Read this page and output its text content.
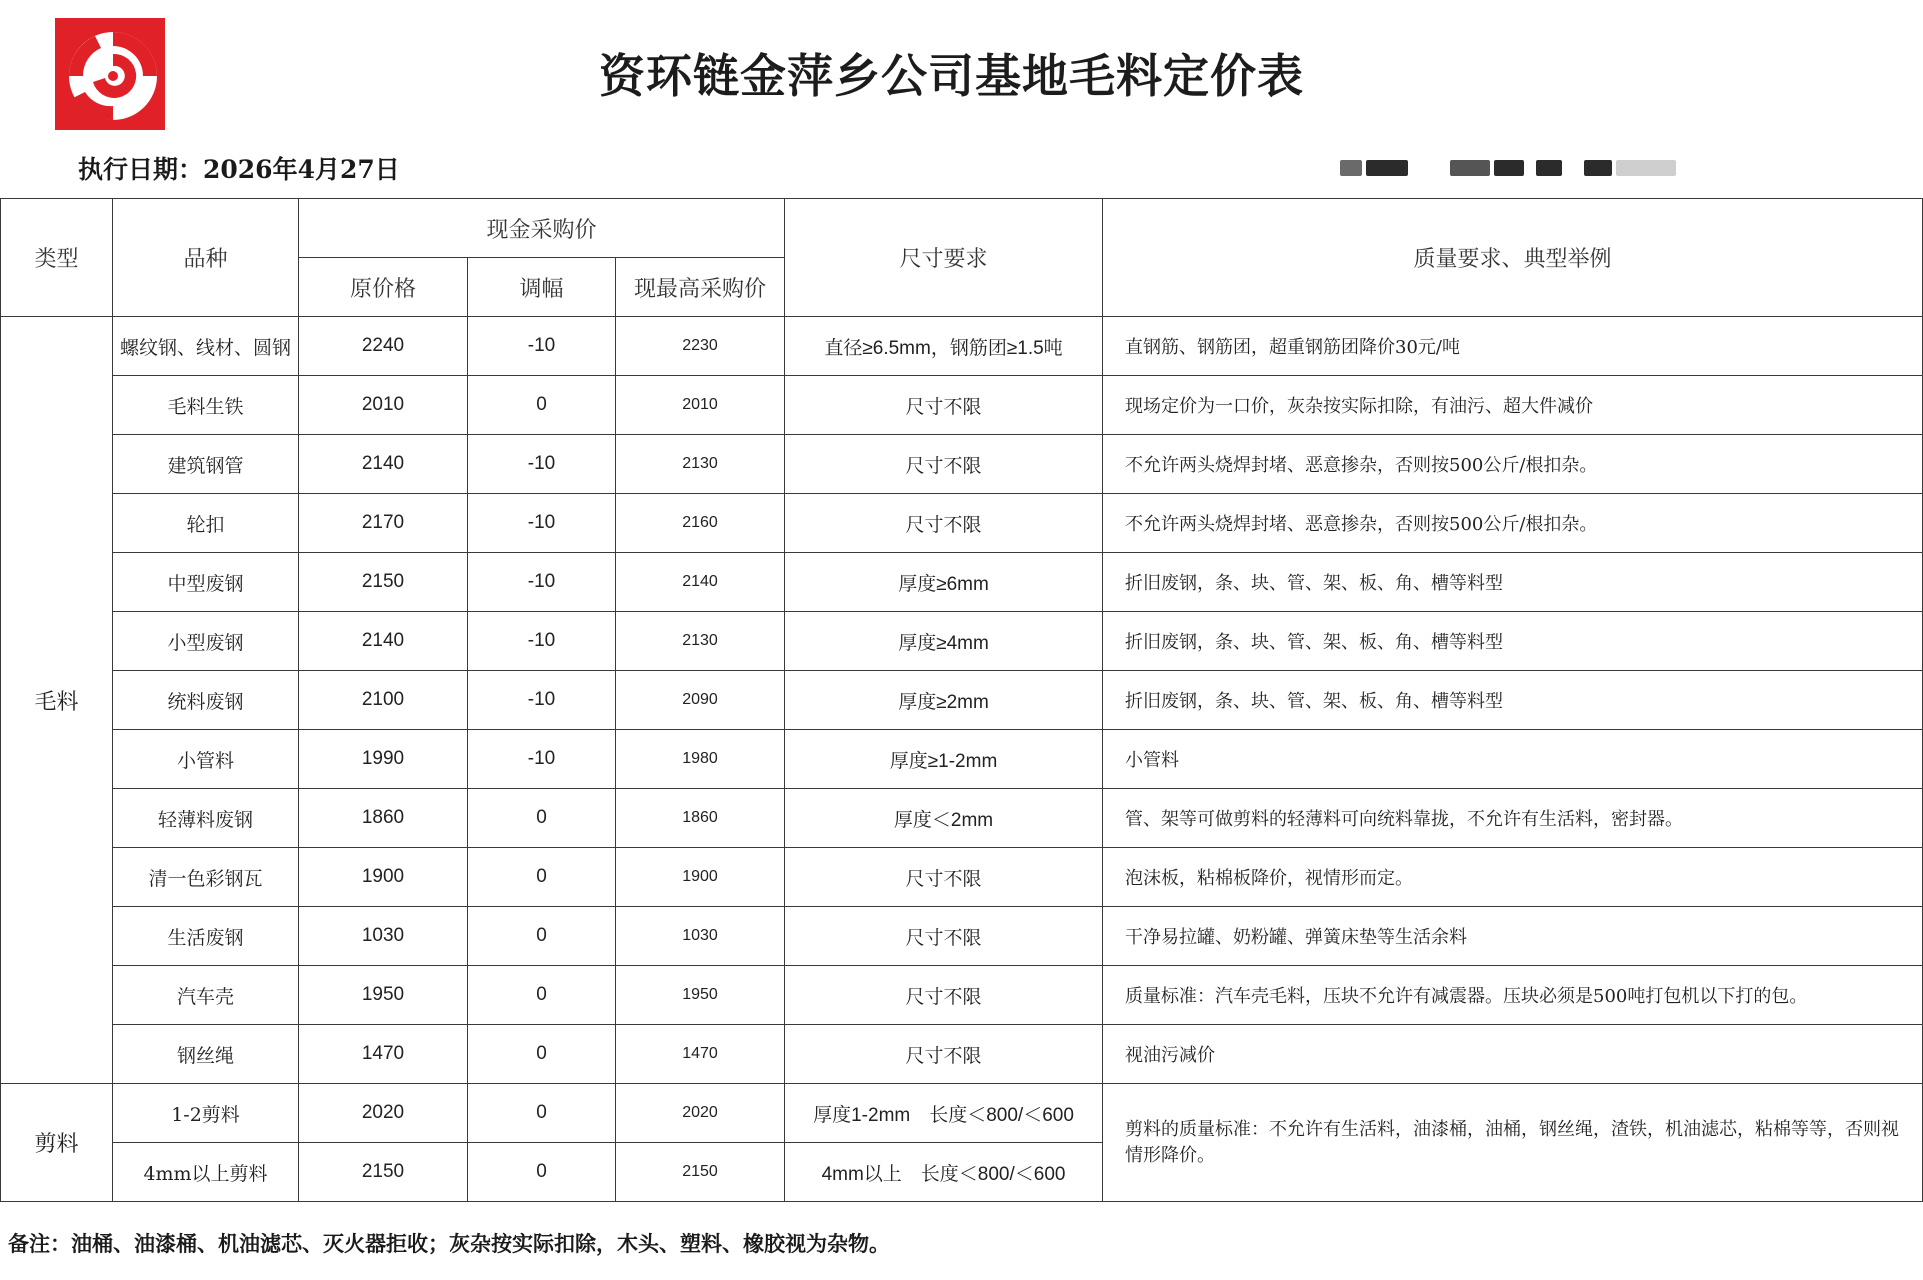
资环链金萍乡公司基地毛料定价表
执行日期：2026年4月27日
类型	品种	现金采购价			尺寸要求	质量要求、典型举例
		原价格	调幅	现最高采购价		
毛料	螺纹钢、线材、圆钢	2240	-10	2230	直径≥6.5mm，钢筋团≥1.5吨	直钢筋、钢筋团，超重钢筋团降价30元/吨
	毛料生铁	2010	0	2010	尺寸不限	现场定价为一口价，灰杂按实际扣除，有油污、超大件减价
	建筑钢管	2140	-10	2130	尺寸不限	不允许两头烧焊封堵、恶意掺杂，否则按500公斤/根扣杂。
	轮扣	2170	-10	2160	尺寸不限	不允许两头烧焊封堵、恶意掺杂，否则按500公斤/根扣杂。
	中型废钢	2150	-10	2140	厚度≥6mm	折旧废钢，条、块、管、架、板、角、槽等料型
	小型废钢	2140	-10	2130	厚度≥4mm	折旧废钢，条、块、管、架、板、角、槽等料型
	统料废钢	2100	-10	2090	厚度≥2mm	折旧废钢，条、块、管、架、板、角、槽等料型
	小管料	1990	-10	1980	厚度≥1-2mm	小管料
	轻薄料废钢	1860	0	1860	厚度＜2mm	管、架等可做剪料的轻薄料可向统料靠拢，不允许有生活料，密封器。
	清一色彩钢瓦	1900	0	1900	尺寸不限	泡沫板，粘棉板降价，视情形而定。
	生活废钢	1030	0	1030	尺寸不限	干净易拉罐、奶粉罐、弹簧床垫等生活余料
	汽车壳	1950	0	1950	尺寸不限	质量标准：汽车壳毛料，压块不允许有减震器。压块必须是500吨打包机以下打的包。
	钢丝绳	1470	0	1470	尺寸不限	视油污减价
剪料	1-2剪料	2020	0	2020	厚度1-2mm　长度＜800/＜600	剪料的质量标准：不允许有生活料，油漆桶，油桶，钢丝绳，渣铁，机油滤芯，粘棉等等，否则视情形降价。
	4mm以上剪料	2150	0	2150	4mm以上　长度＜800/＜600	
备注：油桶、油漆桶、机油滤芯、灭火器拒收；灰杂按实际扣除，木头、塑料、橡胶视为杂物。
